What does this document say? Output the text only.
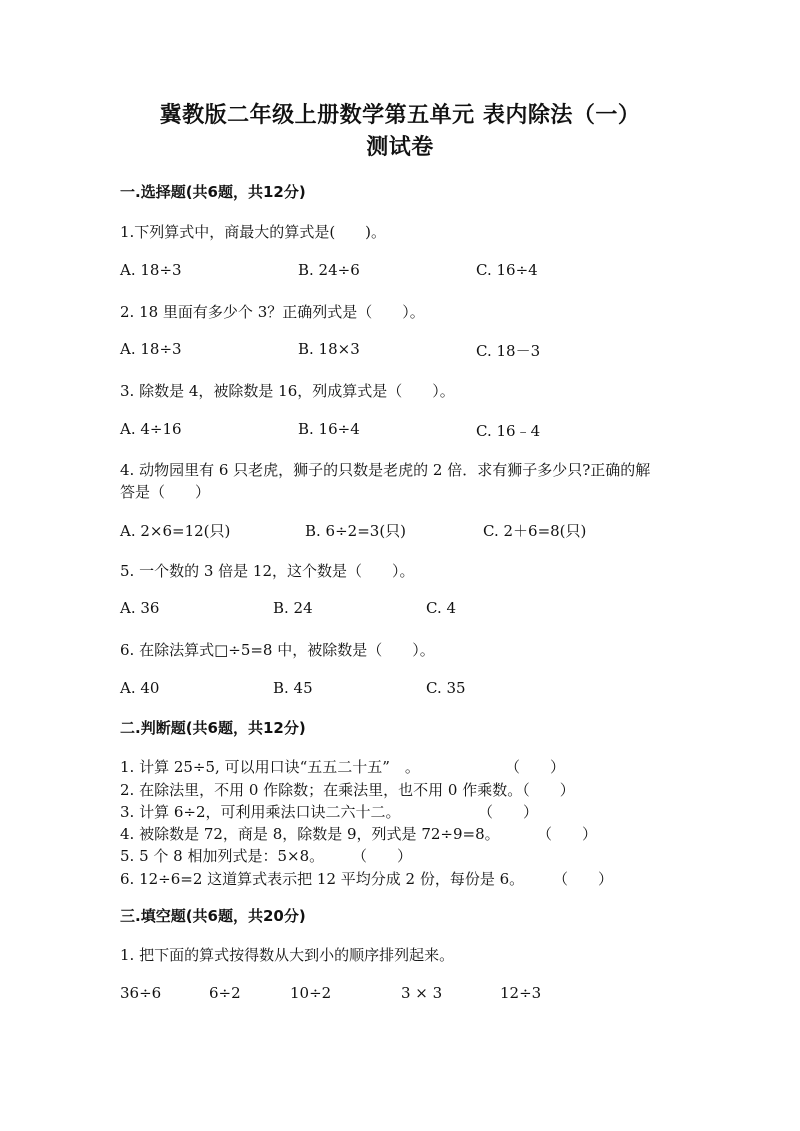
冀教版二年级上册数学第五单元 表内除法（一）
测试卷
一.选择题(共6题，共12分)
1.下列算式中，商最大的算式是(　　)。
A. 18÷3	B. 24÷6	C. 16÷4
2. 18 里面有多少个 3？正确列式是（　　）。
A. 18÷3	B. 18×3	C. 18－3
3. 除数是 4，被除数是 16，列成算式是（　　）。
A. 4÷16	B. 16÷4	C. 16﹣4
4. 动物园里有 6 只老虎，狮子的只数是老虎的 2 倍．求有狮子多少只?正确的解
答是（　　）
A. 2×6=12(只)	B. 6÷2=3(只)	C. 2＋6=8(只)
5. 一个数的 3 倍是 12，这个数是（　　）。
A. 36	B. 24	C. 4
6. 在除法算式□÷5=8 中，被除数是（　　）。
A. 40	B. 45	C. 35
二.判断题(共6题，共12分)
1. 计算 25÷5, 可以用口诀“五五二十五”　。	（　　）
2. 在除法里，不用 0 作除数；在乘法里，也不用 0 作乘数。（　　）
3. 计算 6÷2，可利用乘法口诀二六十二。	（　　）
4. 被除数是 72，商是 8，除数是 9，列式是 72÷9=8。 （　　）
5. 5 个 8 相加列式是：5×8。 （　　）
6. 12÷6=2 这道算式表示把 12 平均分成 2 份，每份是 6。 （　　）
三.填空题(共6题，共20分)
1. 把下面的算式按得数从大到小的顺序排列起来。
36÷6	6÷2	10÷2	3 × 3	12÷3
